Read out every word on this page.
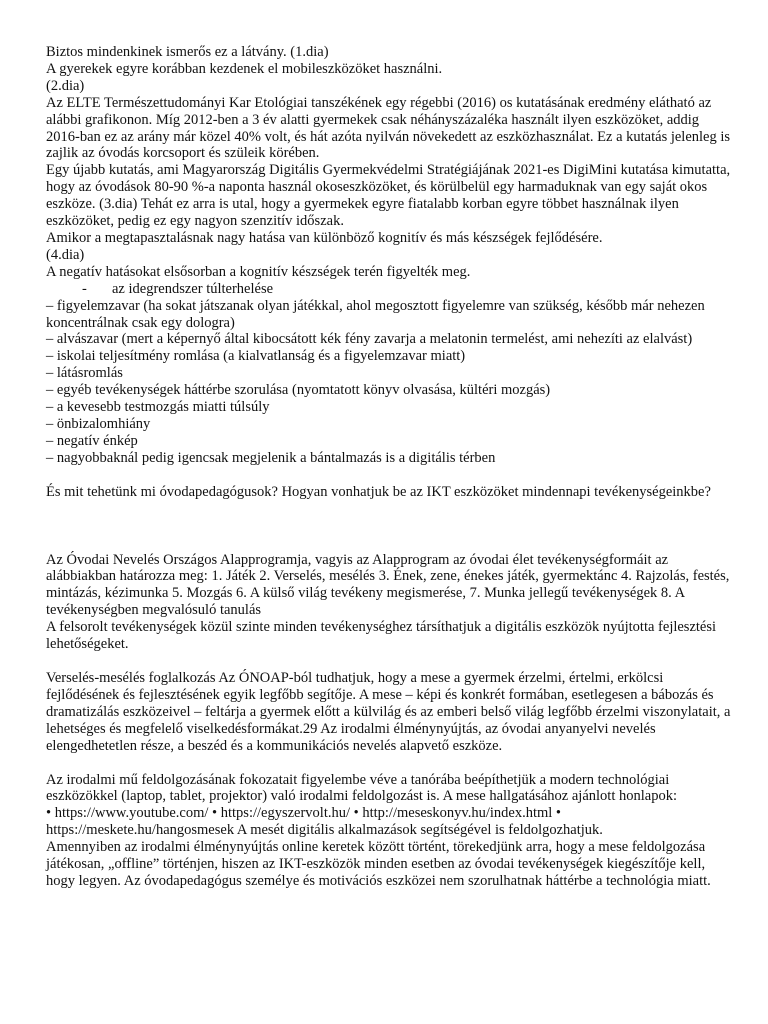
Biztos mindenkinek ismerős ez a látvány. (1.dia)

A gyerekek egyre korábban kezdenek el mobileszközöket használni.

(2.dia)

Az ELTE Természettudományi Kar Etológiai tanszékének egy régebbi (2016) os kutatásának eredmény elátható az alábbi grafikonon. Míg 2012-ben a 3 év alatti gyermekek csak néhányszázaléka használt ilyen eszközöket, addig 2016-ban ez az arány már közel 40% volt, és hát azóta nyilván növekedett az eszközhasználat. Ez a kutatás jelenleg is zajlik az óvodás korcsoport és szüleik körében.

Egy újabb kutatás, ami Magyarország Digitális Gyermekvédelmi Stratégiájának 2021-es DigiMini kutatása kimutatta, hogy az óvodások 80-90 %-a naponta használ okoseszközöket, és körülbelül egy harmaduknak van egy saját okos eszköze. (3.dia) Tehát ez arra is utal, hogy a gyermekek egyre fiatalabb korban egyre többet használnak ilyen eszközöket, pedig ez egy nagyon szenzitív időszak.

Amikor a megtapasztalásnak nagy hatása van különböző kognitív és más készségek fejlődésére.

(4.dia)

A negatív hatásokat elsősorban a kognitív készségek terén figyelték meg.

- az idegrendszer túlterhelése

– figyelemzavar (ha sokat játszanak olyan játékkal, ahol megosztott figyelemre van szükség, később már nehezen koncentrálnak csak egy dologra)

– alvászavar (mert a képernyő által kibocsátott kék fény zavarja a melatonin termelést, ami nehezíti az elalvást)

– iskolai teljesítmény romlása (a kialvatlanság és a figyelemzavar miatt)

– látásromlás

– egyéb tevékenységek háttérbe szorulása (nyomtatott könyv olvasása, kültéri mozgás)

– a kevesebb testmozgás miatti túlsúly

– önbizalomhiány

– negatív énkép

– nagyobbaknál pedig igencsak megjelenik a bántalmazás is a digitális térben

És mit tehetünk mi óvodapedagógusok? Hogyan vonhatjuk be az IKT eszközöket mindennapi tevékenységeinkbe?

Az Óvodai Nevelés Országos Alapprogramja, vagyis az Alapprogram az óvodai élet tevékenységformáit az alábbiakban határozza meg: 1. Játék 2. Verselés, mesélés 3. Ének, zene, énekes játék, gyermektánc 4. Rajzolás, festés, mintázás, kézimunka 5. Mozgás 6. A külső világ tevékeny megismerése, 7. Munka jellegű tevékenységek 8. A tevékenységben megvalósuló tanulás

A felsorolt tevékenységek közül szinte minden tevékenységhez társíthatjuk a digitális eszközök nyújtotta fejlesztési lehetőségeket.

Verselés-mesélés foglalkozás Az ÓNOAP-ból tudhatjuk, hogy a mese a gyermek érzelmi, értelmi, erkölcsi fejlődésének és fejlesztésének egyik legfőbb segítője. A mese – képi és konkrét formában, esetlegesen a bábozás és dramatizálás eszközeivel – feltárja a gyermek előtt a külvilág és az emberi belső világ legfőbb érzelmi viszonylatait, a lehetséges és megfelelő viselkedésformákat.29 Az irodalmi élménynyújtás, az óvodai anyanyelvi nevelés elengedhetetlen része, a beszéd és a kommunikációs nevelés alapvető eszköze.

Az irodalmi mű feldolgozásának fokozatait figyelembe véve a tanórába beépíthetjük a modern technológiai eszközökkel (laptop, tablet, projektor) való irodalmi feldolgozást is. A mese hallgatásához ajánlott honlapok:

• https://www.youtube.com/ • https://egyszervolt.hu/ • http://meseskonyv.hu/index.html •

https://meskete.hu/hangosmesek A mesét digitális alkalmazások segítségével is feldolgozhatjuk.

Amennyiben az irodalmi élménynyújtás online keretek között történt, törekedjünk arra, hogy a mese feldolgozása játékosan, „offline” történjen, hiszen az IKT-eszközök minden esetben az óvodai tevékenységek kiegészítője kell, hogy legyen. Az óvodapedagógus személye és motivációs eszközei nem szorulhatnak háttérbe a technológia miatt.
